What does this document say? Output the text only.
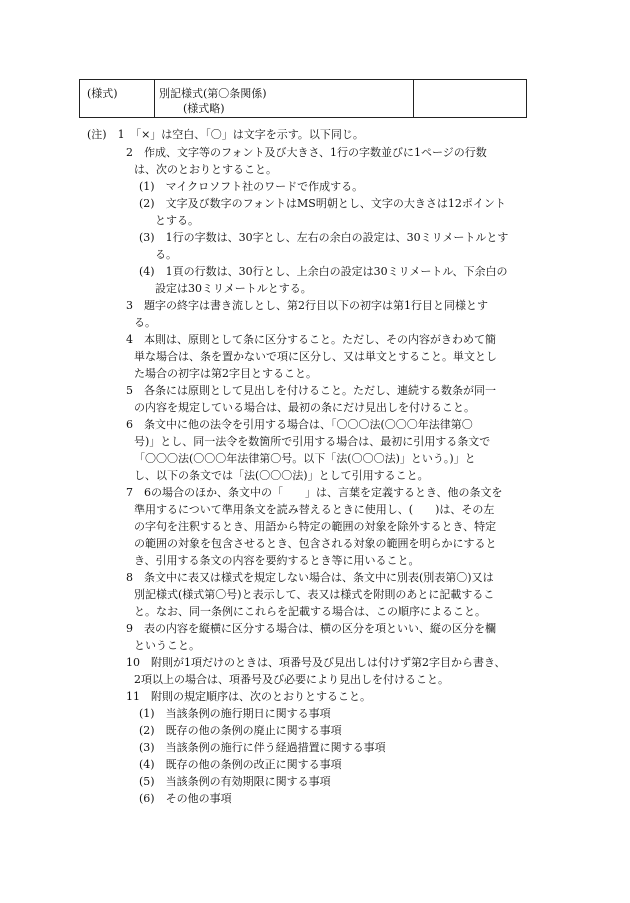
(様式)	別記様式(第〇条関係)
(様式略)
(注)　1　「×」は空白、「〇」は文字を示す。以下同じ。
2　作成、文字等のフォント及び大きさ、1行の字数並びに1ページの行数
は、次のとおりとすること。
(1)　マイクロソフト社のワードで作成する。
(2)　文字及び数字のフォントはMS明朝とし、文字の大きさは12ポイント
とする。
(3)　1行の字数は、30字とし、左右の余白の設定は、30ミリメートルとす
る。
(4)　1頁の行数は、30行とし、上余白の設定は30ミリメートル、下余白の
設定は30ミリメートルとする。
3　題字の終字は書き流しとし、第2行目以下の初字は第1行目と同様とす
る。
4　本則は、原則として条に区分すること。ただし、その内容がきわめて簡
単な場合は、条を置かないで項に区分し、又は単文とすること。単文とし
た場合の初字は第2字目とすること。
5　各条には原則として見出しを付けること。ただし、連続する数条が同一
の内容を規定している場合は、最初の条にだけ見出しを付けること。
6　条文中に他の法令を引用する場合は、「〇〇〇法(〇〇〇年法律第〇
号)」とし、同一法令を数箇所で引用する場合は、最初に引用する条文で
「〇〇〇法(〇〇〇年法律第〇号。以下「法(〇〇〇法)」という。)」と
し、以下の条文では「法(〇〇〇法)」として引用すること。
7　6の場合のほか、条文中の「　　」は、言葉を定義するとき、他の条文を
準用するについて準用条文を読み替えるときに使用し、(　　)は、その左
の字句を注釈するとき、用語から特定の範囲の対象を除外するとき、特定
の範囲の対象を包含させるとき、包含される対象の範囲を明らかにすると
き、引用する条文の内容を要約するとき等に用いること。
8　条文中に表又は様式を規定しない場合は、条文中に別表(別表第〇)又は
別記様式(様式第〇号)と表示して、表又は様式を附則のあとに記載するこ
と。なお、同一条例にこれらを記載する場合は、この順序によること。
9　表の内容を縦横に区分する場合は、横の区分を項といい、縦の区分を欄
ということ。
10　附則が1項だけのときは、項番号及び見出しは付けず第2字目から書き、
2項以上の場合は、項番号及び必要により見出しを付けること。
11　附則の規定順序は、次のとおりとすること。
(1)　当該条例の施行期日に関する事項
(2)　既存の他の条例の廃止に関する事項
(3)　当該条例の施行に伴う経過措置に関する事項
(4)　既存の他の条例の改正に関する事項
(5)　当該条例の有効期限に関する事項
(6)　その他の事項
